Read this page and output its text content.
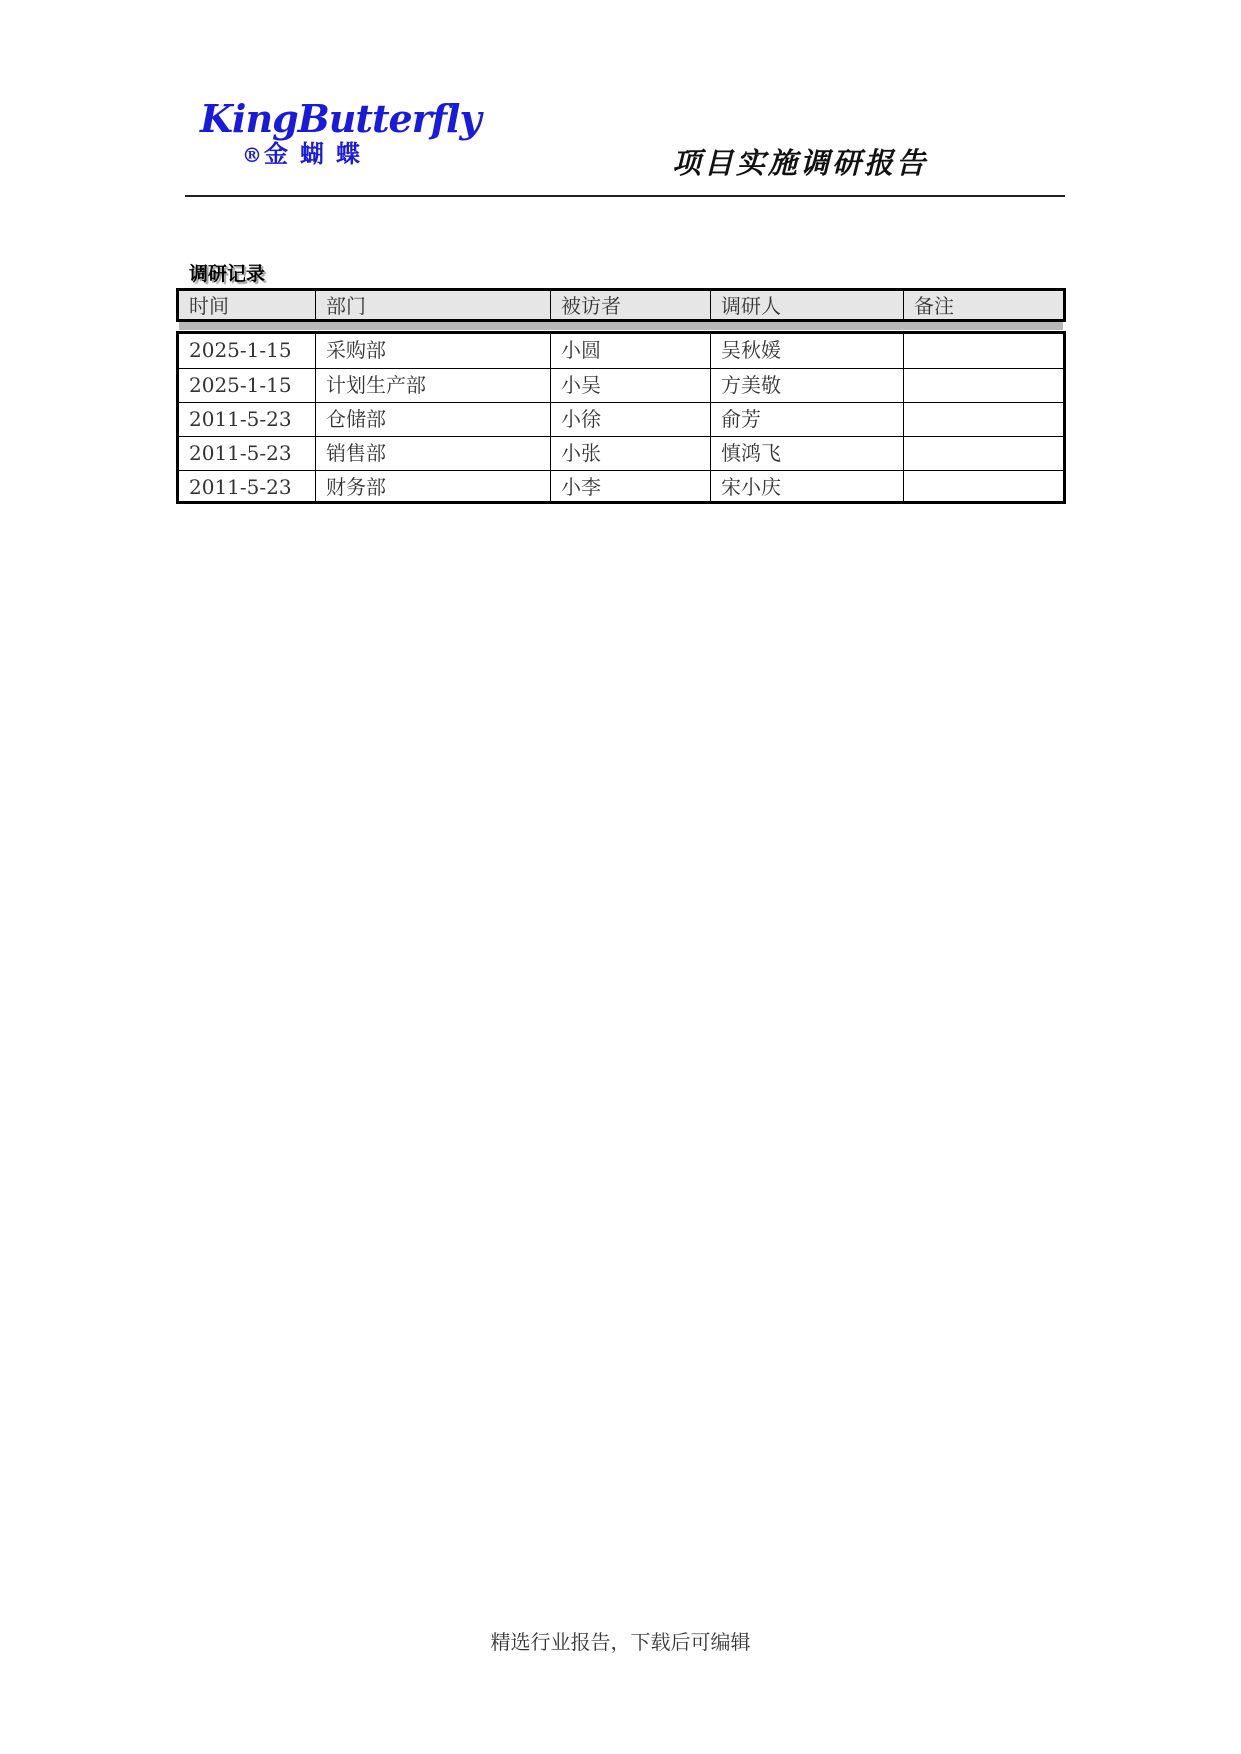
KingButterfly
®金蝴蝶	项目实施调研报告
调研记录
时间	部门	被访者	调研人	备注
2025-1-15	采购部	小圆	吴秋媛
2025-1-15	计划生产部	小吴	方美敬
2011-5-23	仓储部	小徐	俞芳
2011-5-23	销售部	小张	慎鸿飞
2011-5-23	财务部	小李	宋小庆
精选行业报告，下载后可编辑
